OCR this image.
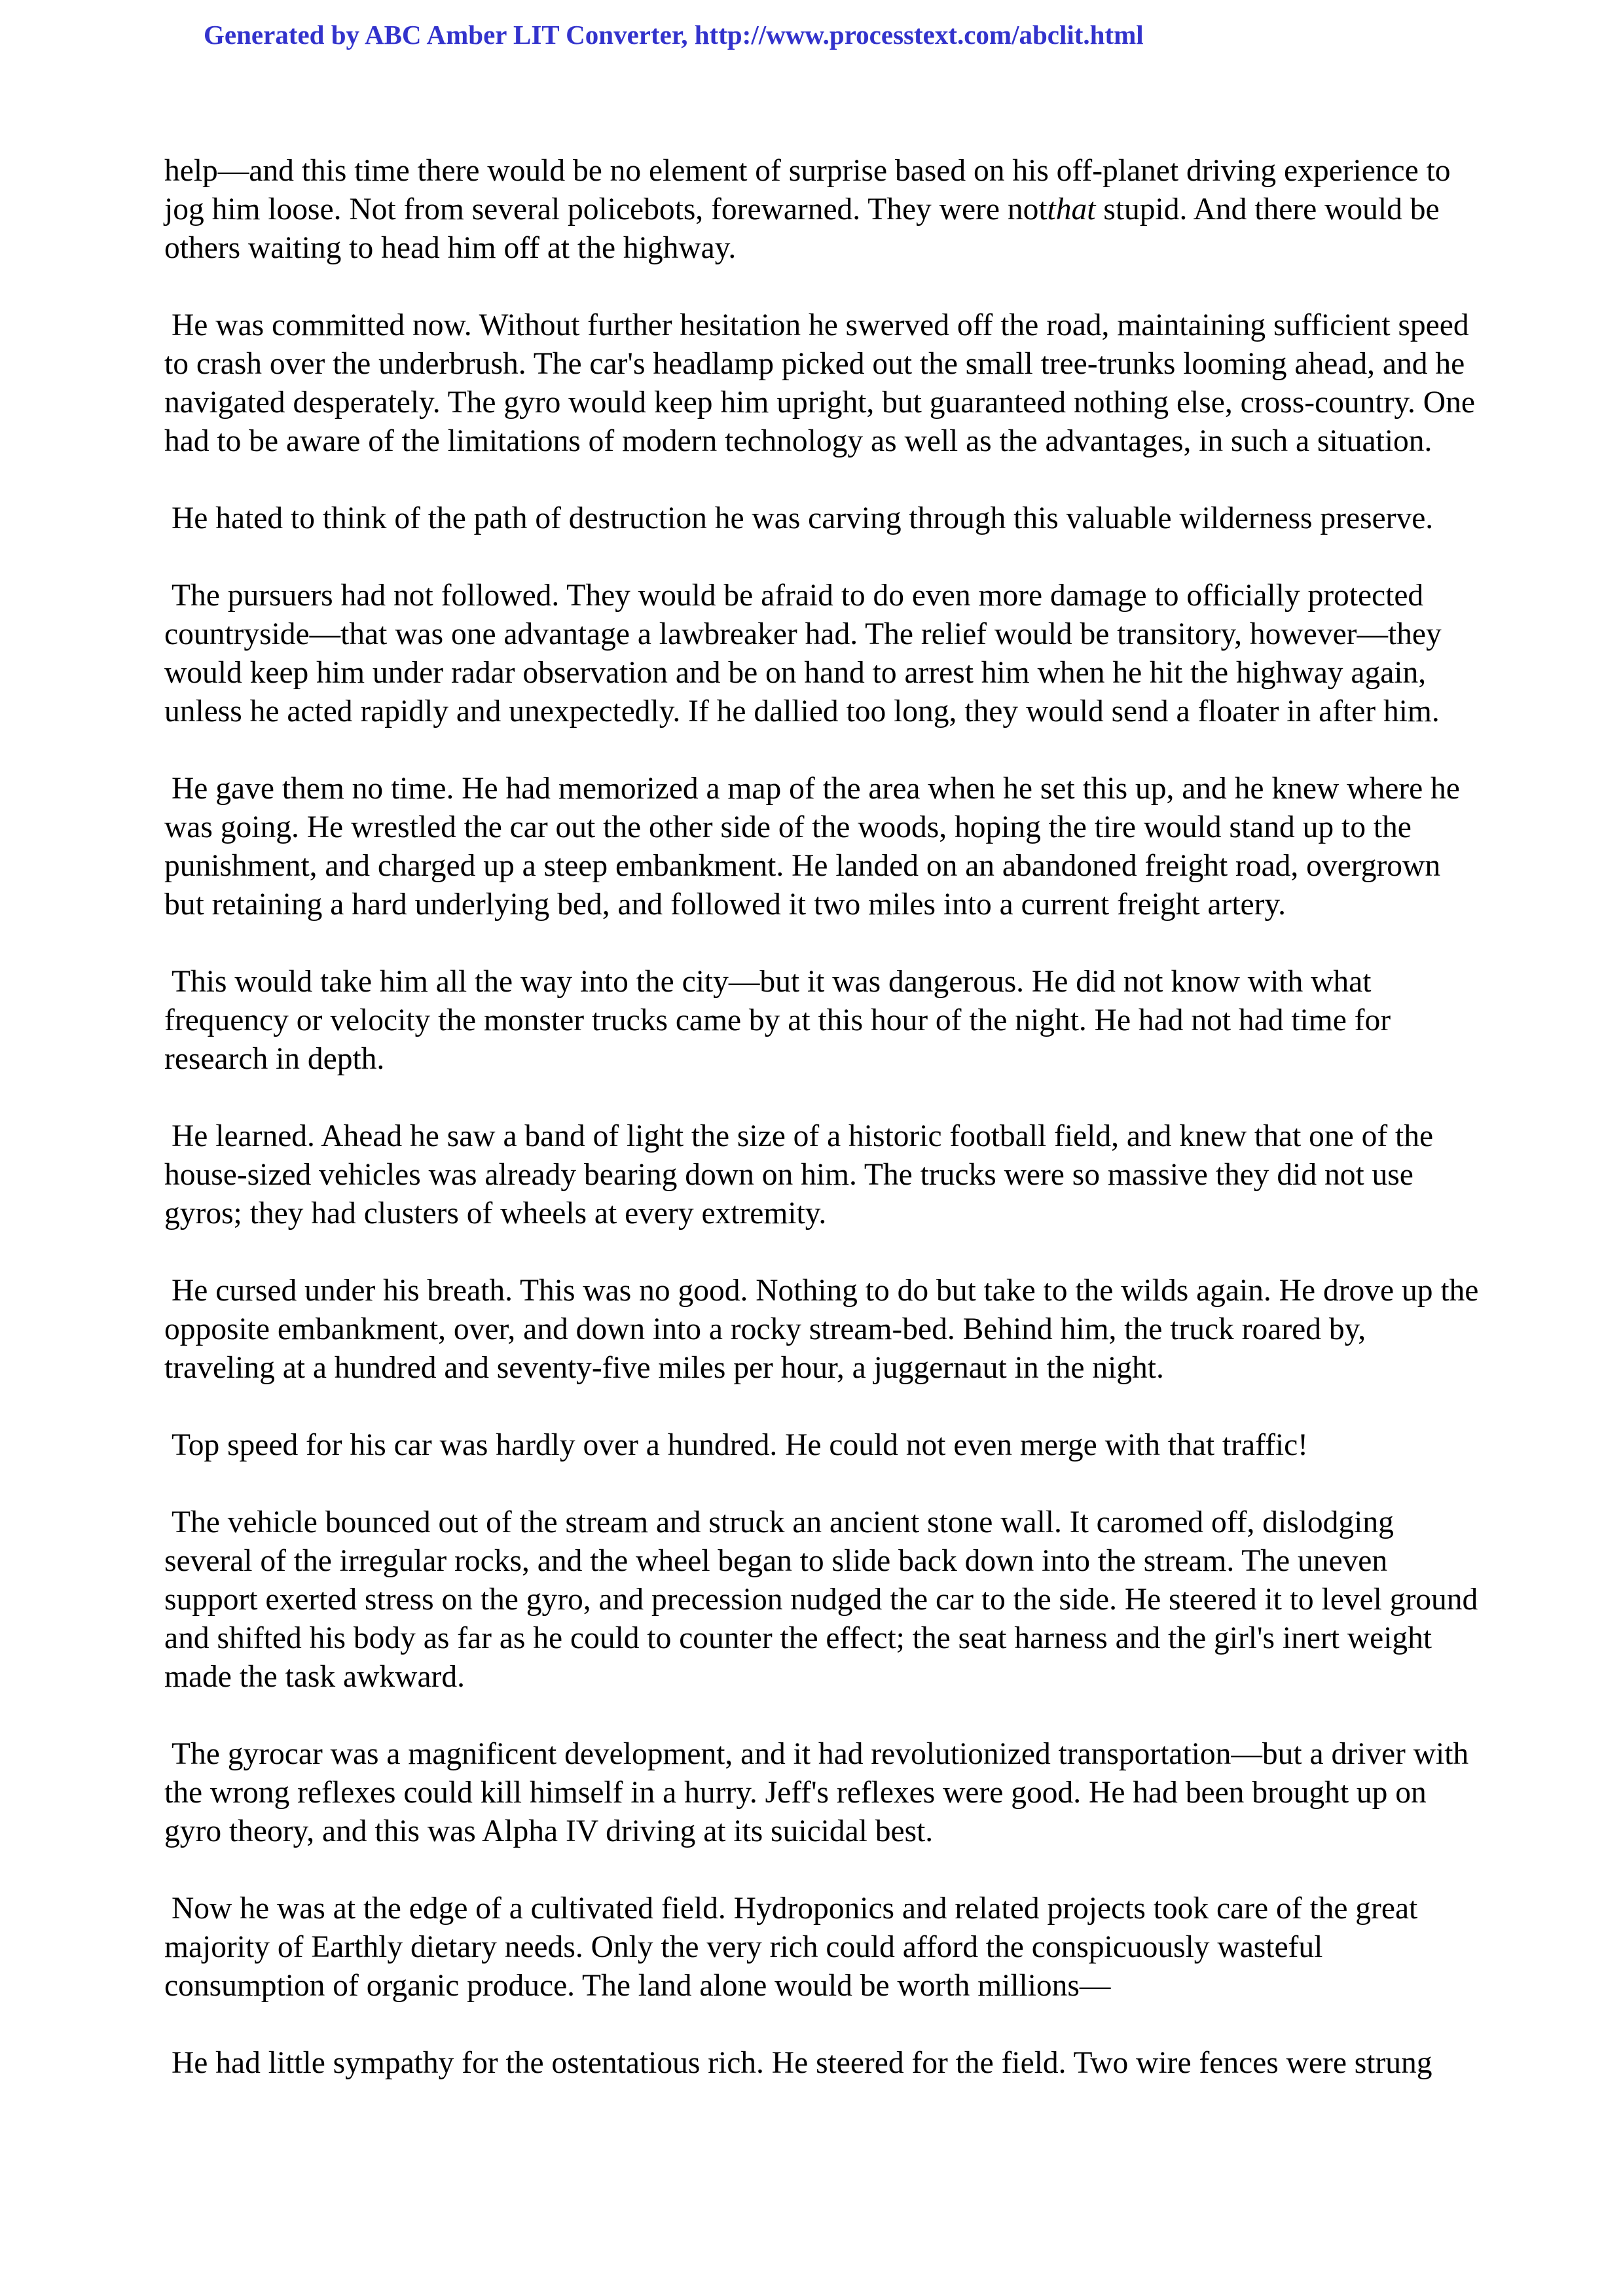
Generated by ABC Amber LIT Converter, http://www.processtext.com/abclit.html

help—and this time there would be no element of surprise based on his off-planet driving experience to jog him loose. Not from several policebots, forewarned. They were notthat stupid. And there would be others waiting to head him off at the highway.

He was committed now. Without further hesitation he swerved off the road, maintaining sufficient speed to crash over the underbrush. The car's headlamp picked out the small tree-trunks looming ahead, and he navigated desperately. The gyro would keep him upright, but guaranteed nothing else, cross-country. One had to be aware of the limitations of modern technology as well as the advantages, in such a situation.

He hated to think of the path of destruction he was carving through this valuable wilderness preserve.

The pursuers had not followed. They would be afraid to do even more damage to officially protected countryside—that was one advantage a lawbreaker had. The relief would be transitory, however—they would keep him under radar observation and be on hand to arrest him when he hit the highway again, unless he acted rapidly and unexpectedly. If he dallied too long, they would send a floater in after him.

He gave them no time. He had memorized a map of the area when he set this up, and he knew where he was going. He wrestled the car out the other side of the woods, hoping the tire would stand up to the punishment, and charged up a steep embankment. He landed on an abandoned freight road, overgrown but retaining a hard underlying bed, and followed it two miles into a current freight artery.

This would take him all the way into the city—but it was dangerous. He did not know with what frequency or velocity the monster trucks came by at this hour of the night. He had not had time for research in depth.

He learned. Ahead he saw a band of light the size of a historic football field, and knew that one of the house-sized vehicles was already bearing down on him. The trucks were so massive they did not use gyros; they had clusters of wheels at every extremity.

He cursed under his breath. This was no good. Nothing to do but take to the wilds again. He drove up the opposite embankment, over, and down into a rocky stream-bed. Behind him, the truck roared by, traveling at a hundred and seventy-five miles per hour, a juggernaut in the night.

Top speed for his car was hardly over a hundred. He could not even merge with that traffic!

The vehicle bounced out of the stream and struck an ancient stone wall. It caromed off, dislodging several of the irregular rocks, and the wheel began to slide back down into the stream. The uneven support exerted stress on the gyro, and precession nudged the car to the side. He steered it to level ground and shifted his body as far as he could to counter the effect; the seat harness and the girl's inert weight made the task awkward.

The gyrocar was a magnificent development, and it had revolutionized transportation—but a driver with the wrong reflexes could kill himself in a hurry. Jeff's reflexes were good. He had been brought up on gyro theory, and this was Alpha IV driving at its suicidal best.

Now he was at the edge of a cultivated field. Hydroponics and related projects took care of the great majority of Earthly dietary needs. Only the very rich could afford the conspicuously wasteful consumption of organic produce. The land alone would be worth millions—

He had little sympathy for the ostentatious rich. He steered for the field. Two wire fences were strung
